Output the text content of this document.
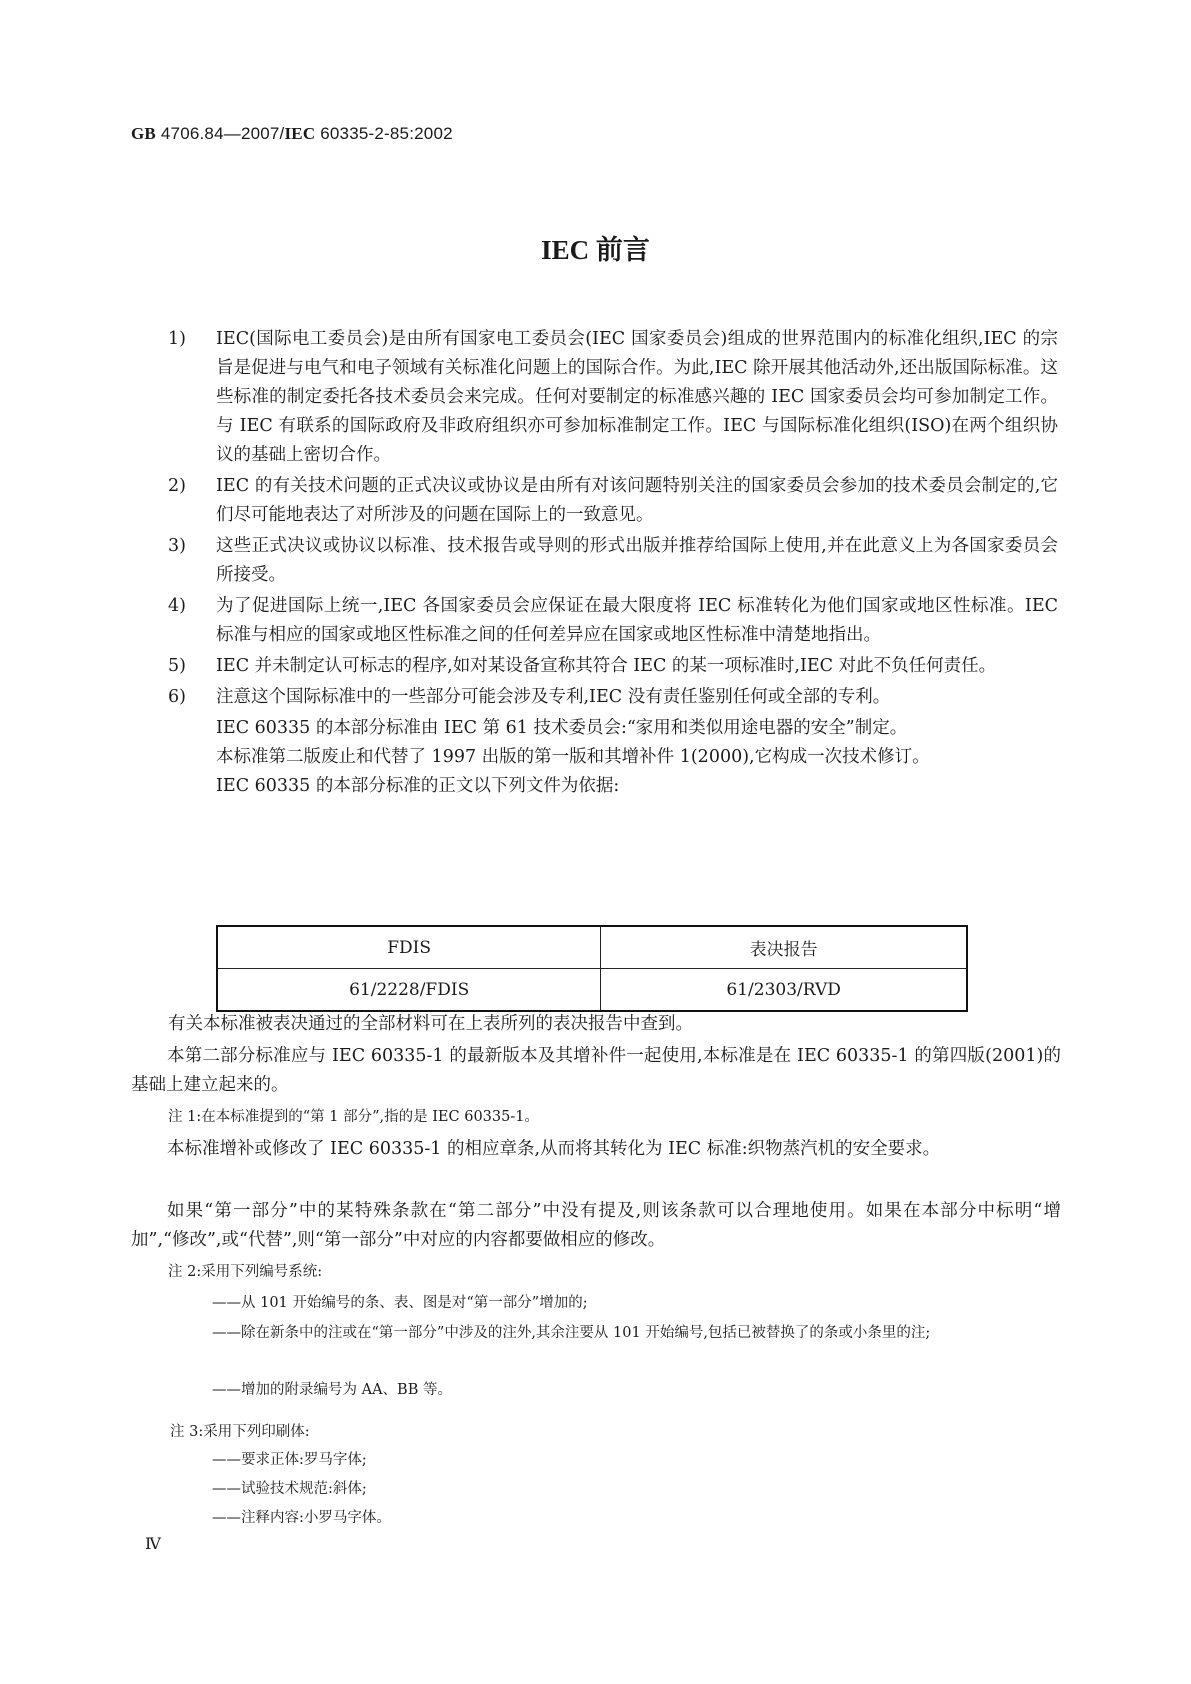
GB 4706.84—2007/IEC 60335-2-85:2002
IEC 前言
1) IEC(国际电工委员会)是由所有国家电工委员会(IEC 国家委员会)组成的世界范围内的标准化组织,IEC 的宗旨是促进与电气和电子领域有关标准化问题上的国际合作。为此,IEC 除开展其他活动外,还出版国际标准。这些标准的制定委托各技术委员会来完成。任何对要制定的标准感兴趣的 IEC 国家委员会均可参加制定工作。与 IEC 有联系的国际政府及非政府组织亦可参加标准制定工作。IEC 与国际标准化组织(ISO)在两个组织协议的基础上密切合作。
2) IEC 的有关技术问题的正式决议或协议是由所有对该问题特别关注的国家委员会参加的技术委员会制定的,它们尽可能地表达了对所涉及的问题在国际上的一致意见。
3) 这些正式决议或协议以标准、技术报告或导则的形式出版并推荐给国际上使用,并在此意义上为各国家委员会所接受。
4) 为了促进国际上统一,IEC 各国家委员会应保证在最大限度将 IEC 标准转化为他们国家或地区性标准。IEC 标准与相应的国家或地区性标准之间的任何差异应在国家或地区性标准中清楚地指出。
5) IEC 并未制定认可标志的程序,如对某设备宣称其符合 IEC 的某一项标准时,IEC 对此不负任何责任。
6) 注意这个国际标准中的一些部分可能会涉及专利,IEC 没有责任鉴别任何或全部的专利。
IEC 60335 的本部分标准由 IEC 第 61 技术委员会:“家用和类似用途电器的安全”制定。
本标准第二版废止和代替了 1997 出版的第一版和其增补件 1(2000),它构成一次技术修订。
IEC 60335 的本部分标准的正文以下列文件为依据:
FDIS	表决报告
61/2228/FDIS	61/2303/RVD
有关本标准被表决通过的全部材料可在上表所列的表决报告中查到。
本第二部分标准应与 IEC 60335-1 的最新版本及其增补件一起使用,本标准是在 IEC 60335-1 的第四版(2001)的基础上建立起来的。
注 1:在本标准提到的“第 1 部分”,指的是 IEC 60335-1。
本标准增补或修改了 IEC 60335-1 的相应章条,从而将其转化为 IEC 标准:织物蒸汽机的安全要求。
如果“第一部分”中的某特殊条款在“第二部分”中没有提及,则该条款可以合理地使用。如果在本部分中标明“增加”,“修改”,或“代替”,则“第一部分”中对应的内容都要做相应的修改。
注 2:采用下列编号系统:
——从 101 开始编号的条、表、图是对“第一部分”增加的;
——除在新条中的注或在“第一部分”中涉及的注外,其余注要从 101 开始编号,包括已被替换了的条或小条里的注;
——增加的附录编号为 AA、BB 等。
注 3:采用下列印刷体:
——要求正体:罗马字体;
——试验技术规范:斜体;
——注释内容:小罗马字体。
Ⅳ
